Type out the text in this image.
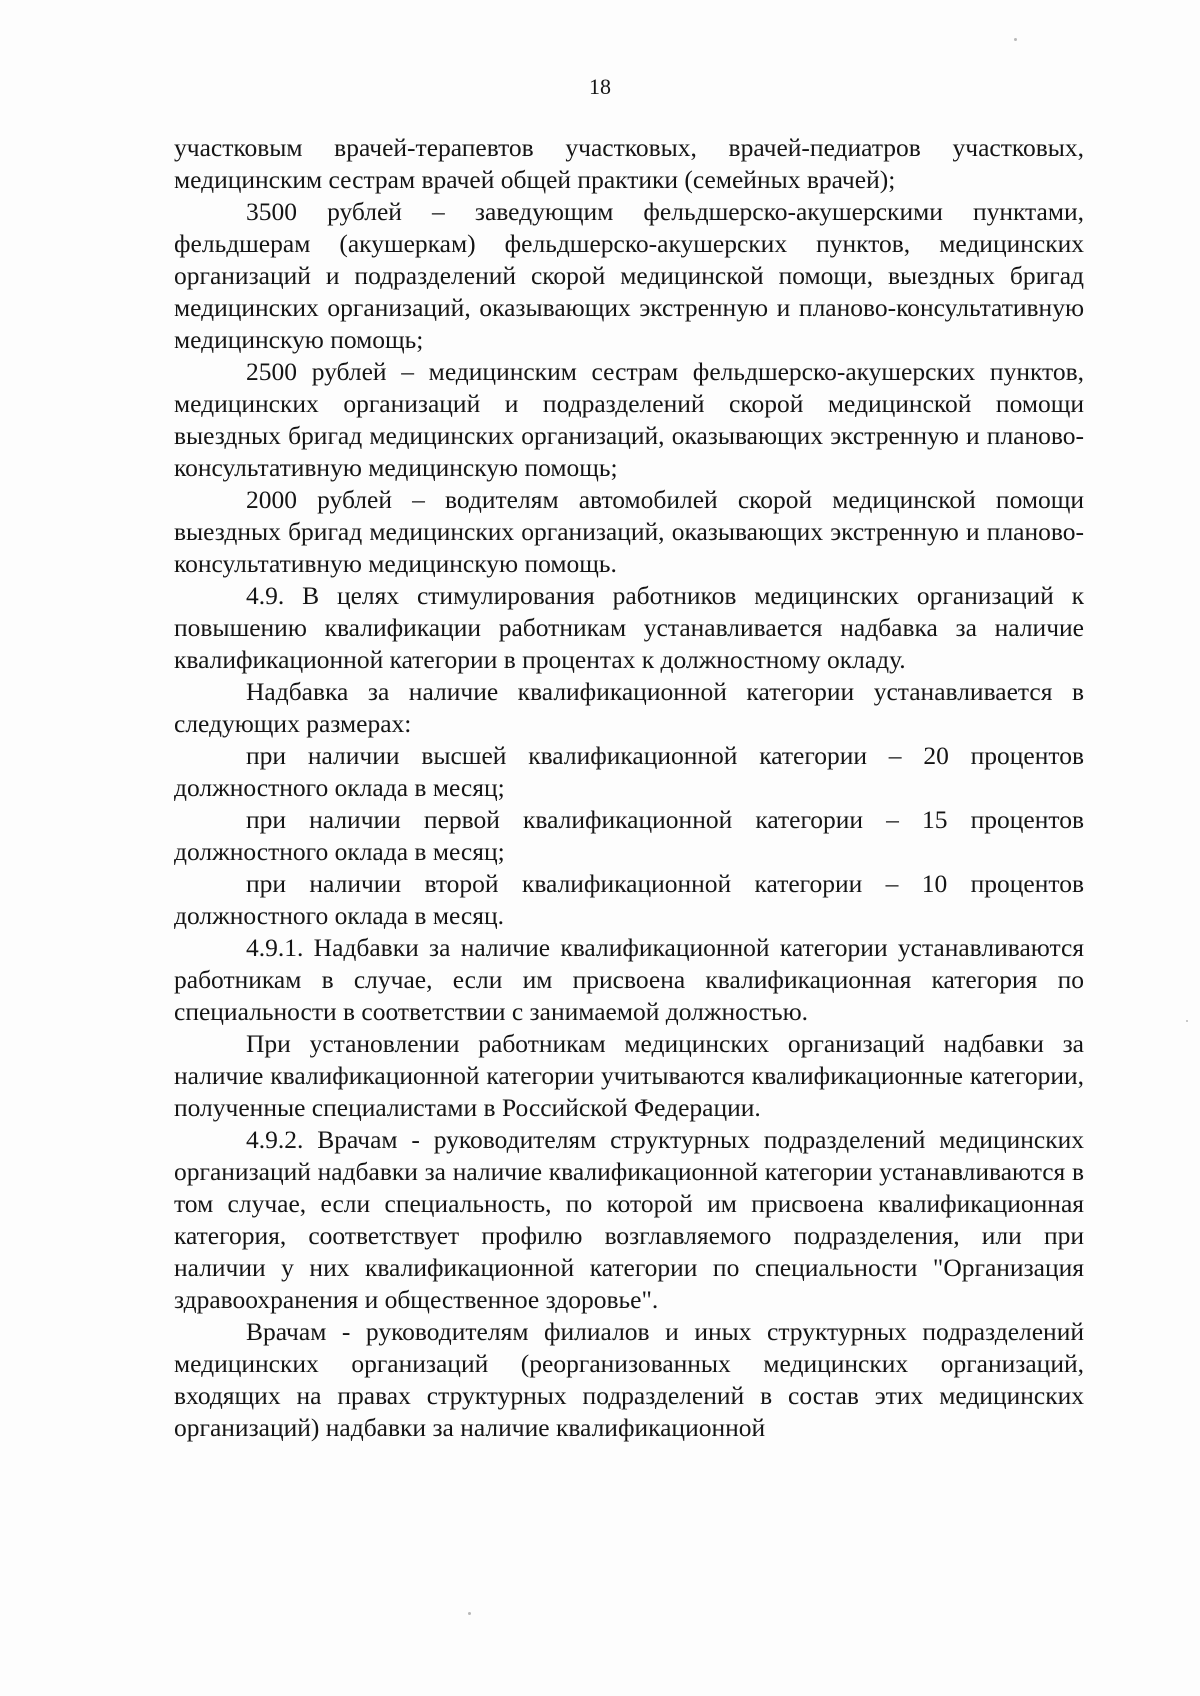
18

участковым врачей-терапевтов участковых, врачей-педиатров участковых, медицинским сестрам врачей общей практики (семейных врачей);

3500 рублей – заведующим фельдшерско-акушерскими пунктами, фельдшерам (акушеркам) фельдшерско-акушерских пунктов, медицинских организаций и подразделений скорой медицинской помощи, выездных бригад медицинских организаций, оказывающих экстренную и планово-консультативную медицинскую помощь;

2500 рублей – медицинским сестрам фельдшерско-акушерских пунктов, медицинских организаций и подразделений скорой медицинской помощи выездных бригад медицинских организаций, оказывающих экстренную и планово-консультативную медицинскую помощь;

2000 рублей – водителям автомобилей скорой медицинской помощи выездных бригад медицинских организаций, оказывающих экстренную и планово-консультативную медицинскую помощь.

4.9. В целях стимулирования работников медицинских организаций к повышению квалификации работникам устанавливается надбавка за наличие квалификационной категории в процентах к должностному окладу.

Надбавка за наличие квалификационной категории устанавливается в следующих размерах:

при наличии высшей квалификационной категории – 20 процентов должностного оклада в месяц;

при наличии первой квалификационной категории – 15 процентов должностного оклада в месяц;

при наличии второй квалификационной категории – 10 процентов должностного оклада в месяц.

4.9.1. Надбавки за наличие квалификационной категории устанавливаются работникам в случае, если им присвоена квалификационная категория по специальности в соответствии с занимаемой должностью.

При установлении работникам медицинских организаций надбавки за наличие квалификационной категории учитываются квалификационные категории, полученные специалистами в Российской Федерации.

4.9.2. Врачам - руководителям структурных подразделений медицинских организаций надбавки за наличие квалификационной категории устанавливаются в том случае, если специальность, по которой им присвоена квалификационная категория, соответствует профилю возглавляемого подразделения, или при наличии у них квалификационной категории по специальности "Организация здравоохранения и общественное здоровье".

Врачам - руководителям филиалов и иных структурных подразделений медицинских организаций (реорганизованных медицинских организаций, входящих на правах структурных подразделений в состав этих медицинских организаций) надбавки за наличие квалификационной
